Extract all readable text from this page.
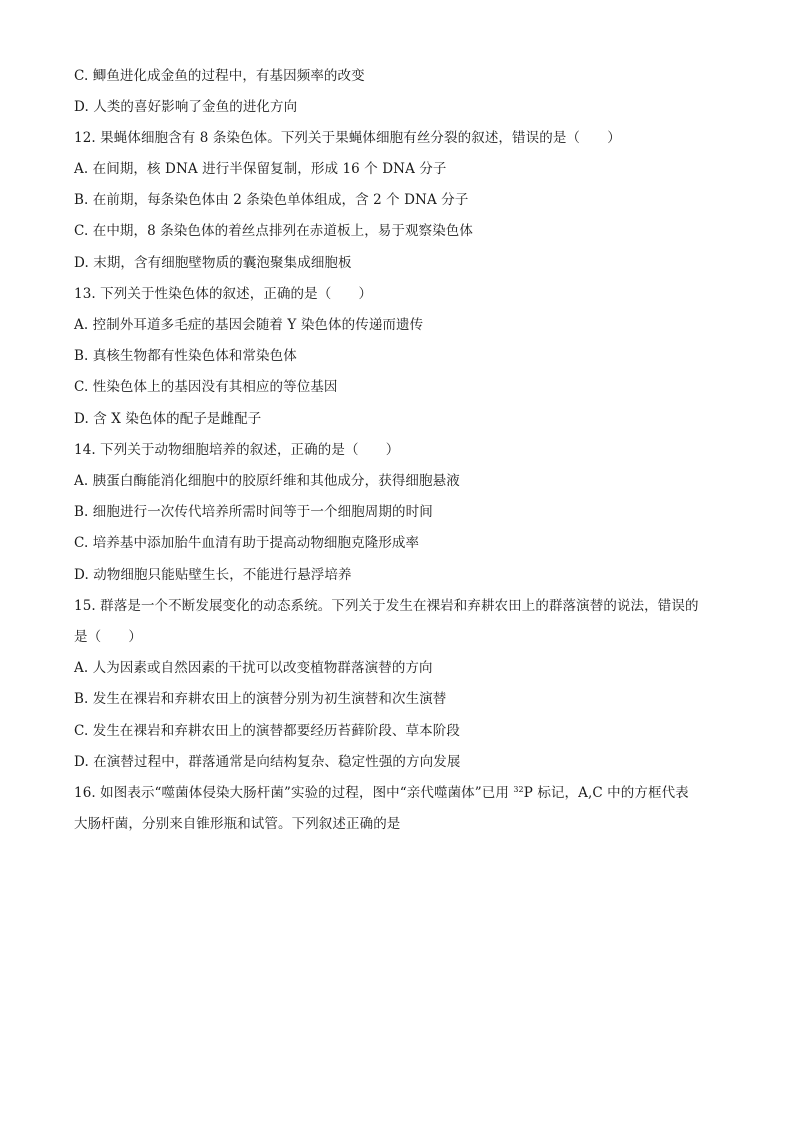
C. 鲫鱼进化成金鱼的过程中，有基因频率的改变
D. 人类的喜好影响了金鱼的进化方向
12. 果蝇体细胞含有 8 条染色体。下列关于果蝇体细胞有丝分裂的叙述，错误的是（　　）
A. 在间期，核 DNA 进行半保留复制，形成 16 个 DNA 分子
B. 在前期，每条染色体由 2 条染色单体组成，含 2 个 DNA 分子
C. 在中期，8 条染色体的着丝点排列在赤道板上，易于观察染色体
D. 末期，含有细胞壁物质的囊泡聚集成细胞板
13. 下列关于性染色体的叙述，正确的是（　　）
A. 控制外耳道多毛症的基因会随着 Y 染色体的传递而遗传
B. 真核生物都有性染色体和常染色体
C. 性染色体上的基因没有其相应的等位基因
D. 含 X 染色体的配子是雌配子
14. 下列关于动物细胞培养的叙述，正确的是（　　）
A. 胰蛋白酶能消化细胞中的胶原纤维和其他成分，获得细胞悬液
B. 细胞进行一次传代培养所需时间等于一个细胞周期的时间
C. 培养基中添加胎牛血清有助于提高动物细胞克隆形成率
D. 动物细胞只能贴壁生长，不能进行悬浮培养
15. 群落是一个不断发展变化的动态系统。下列关于发生在裸岩和弃耕农田上的群落演替的说法，错误的
是（　　）
A. 人为因素或自然因素的干扰可以改变植物群落演替的方向
B. 发生在裸岩和弃耕农田上的演替分别为初生演替和次生演替
C. 发生在裸岩和弃耕农田上的演替都要经历苔藓阶段、草本阶段
D. 在演替过程中，群落通常是向结构复杂、稳定性强的方向发展
16. 如图表示“噬菌体侵染大肠杆菌”实验的过程，图中“亲代噬菌体”已用 $^{32}$P 标记，A,C 中的方框代表
大肠杆菌，分别来自锥形瓶和试管。下列叙述正确的是
